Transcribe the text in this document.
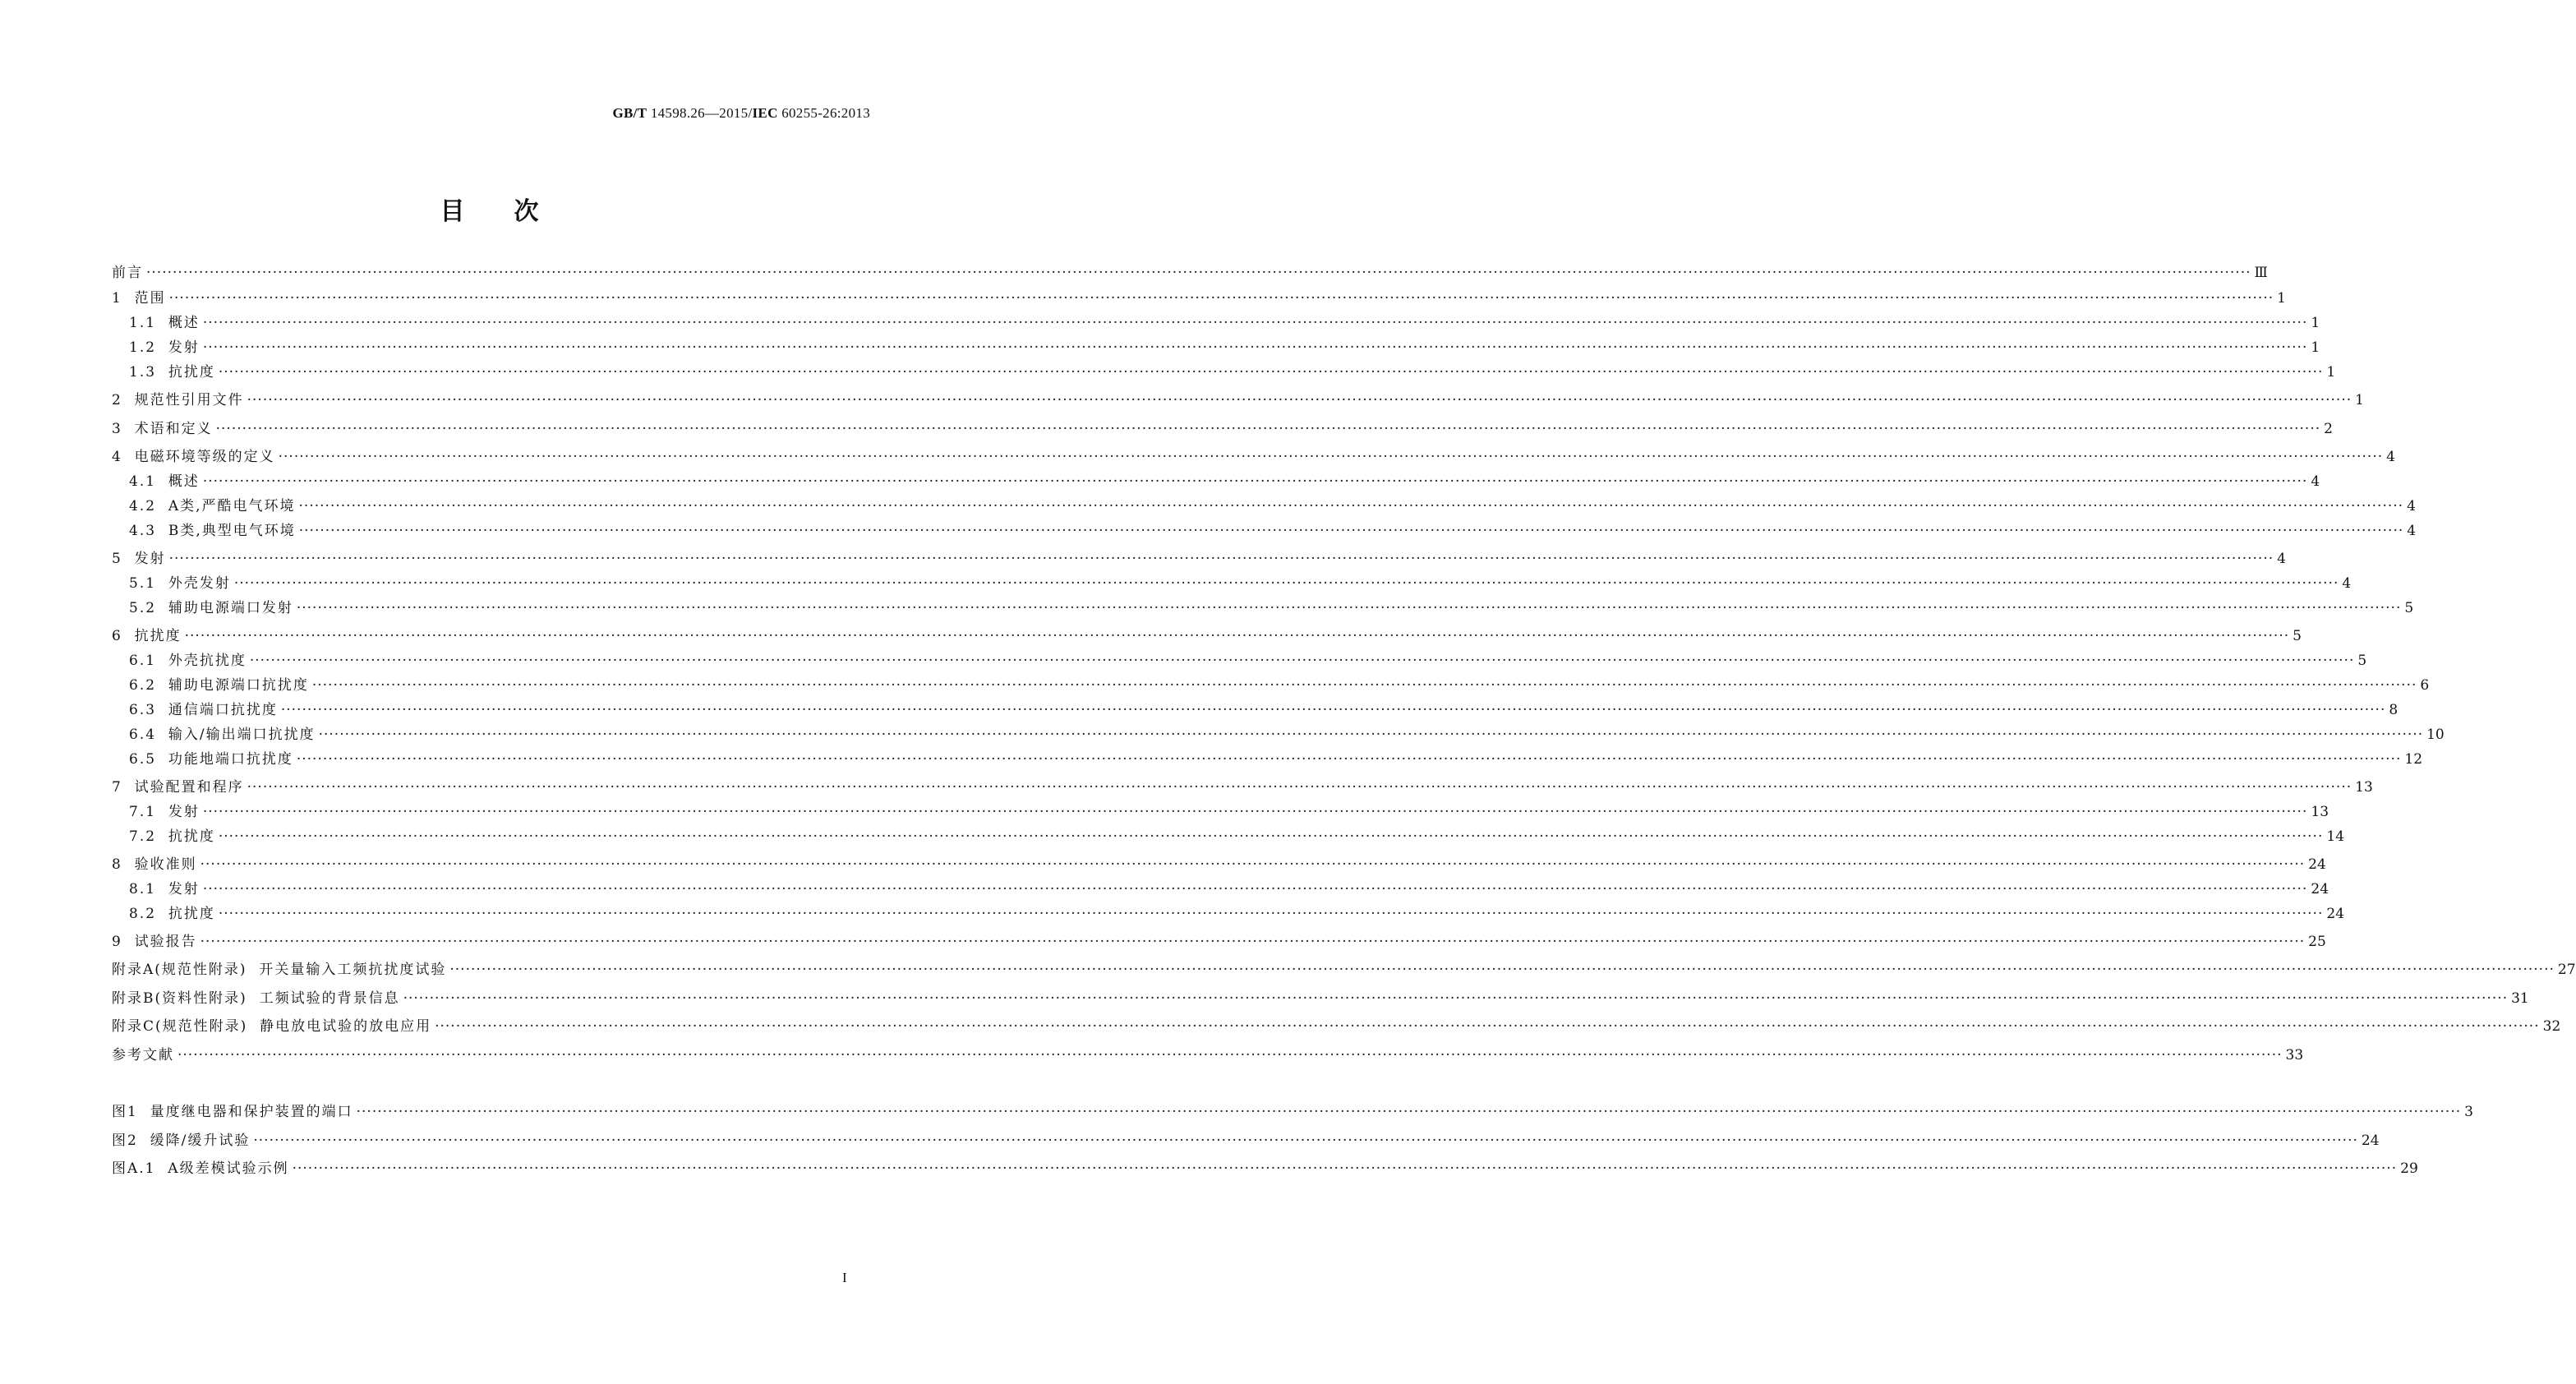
GB/T 14598.26—2015/IEC 60255-26:2013
目次
前言 ················································································································································································································································································································································································································ Ⅲ
1 范围 ················································································································································································································································································································································································································ 1
1.1 概述 ················································································································································································································································································································································································································ 1
1.2 发射 ················································································································································································································································································································································································································ 1
1.3 抗扰度 ················································································································································································································································································································································································································ 1
2 规范性引用文件 ················································································································································································································································································································································································································ 1
3 术语和定义 ················································································································································································································································································································································································································ 2
4 电磁环境等级的定义 ················································································································································································································································································································································································································ 4
4.1 概述 ················································································································································································································································································································································································································ 4
4.2 A类,严酷电气环境 ················································································································································································································································································································································································································ 4
4.3 B类,典型电气环境 ················································································································································································································································································································································································································ 4
5 发射 ················································································································································································································································································································································································································ 4
5.1 外壳发射 ················································································································································································································································································································································································································ 4
5.2 辅助电源端口发射 ················································································································································································································································································································································································································ 5
6 抗扰度 ················································································································································································································································································································································································································ 5
6.1 外壳抗扰度 ················································································································································································································································································································································································································ 5
6.2 辅助电源端口抗扰度 ················································································································································································································································································································································································································ 6
6.3 通信端口抗扰度 ················································································································································································································································································································································································································ 8
6.4 输入/输出端口抗扰度 ················································································································································································································································································································································································································ 10
6.5 功能地端口抗扰度 ················································································································································································································································································································································································································ 12
7 试验配置和程序 ················································································································································································································································································································································································································ 13
7.1 发射 ················································································································································································································································································································································································································ 13
7.2 抗扰度 ················································································································································································································································································································································································································ 14
8 验收准则 ················································································································································································································································································································································································································ 24
8.1 发射 ················································································································································································································································································································································································································ 24
8.2 抗扰度 ················································································································································································································································································································································································································ 24
9 试验报告 ················································································································································································································································································································································································································ 25
附录A(规范性附录)  开关量输入工频抗扰度试验 ················································································································································································································································································································································································································ 27
附录B(资料性附录)  工频试验的背景信息 ················································································································································································································································································································································································································ 31
附录C(规范性附录)  静电放电试验的放电应用 ················································································································································································································································································································································································································ 32
参考文献 ················································································································································································································································································································································································································ 33
图1  量度继电器和保护装置的端口 ················································································································································································································································································································································································································ 3
图2  缓降/缓升试验 ················································································································································································································································································································································································································ 24
图A.1  A级差模试验示例 ················································································································································································································································································································································································································ 29
I
